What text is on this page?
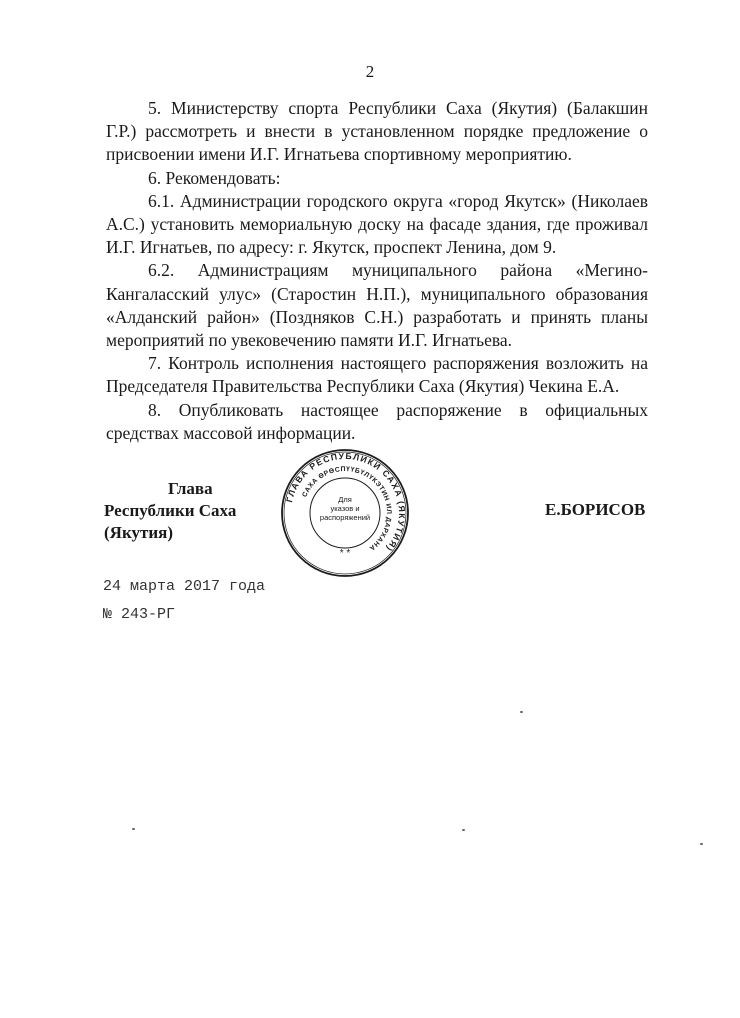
2

5. Министерству спорта Республики Саха (Якутия) (Балакшин Г.Р.) рассмотреть и внести в установленном порядке предложение о присвоении имени И.Г. Игнатьева спортивному мероприятию.

6. Рекомендовать:

6.1. Администрации городского округа «город Якутск» (Николаев А.С.) установить мемориальную доску на фасаде здания, где проживал И.Г. Игнатьев, по адресу: г. Якутск, проспект Ленина, дом 9.

6.2. Администрациям муниципального района «Мегино-Кангаласский улус» (Старостин Н.П.), муниципального образования «Алданский район» (Поздняков С.Н.) разработать и принять планы мероприятий по увековечению памяти И.Г. Игнатьева.

7. Контроль исполнения настоящего распоряжения возложить на Председателя Правительства Республики Саха (Якутия) Чекина Е.А.

8. Опубликовать настоящее распоряжение в официальных средствах массовой информации.

Глава
Республики Саха (Якутия)
Е.БОРИСОВ
ГЛАВА РЕСПУБЛИКИ САХА (ЯКУТИЯ)
САХА ӨРӨСПҮҮБҮЛҮКЭТИН ИЛ ДАРХАНА
Для
указов и
распоряжений
* *
24 марта 2017 года
№ 243-РГ
